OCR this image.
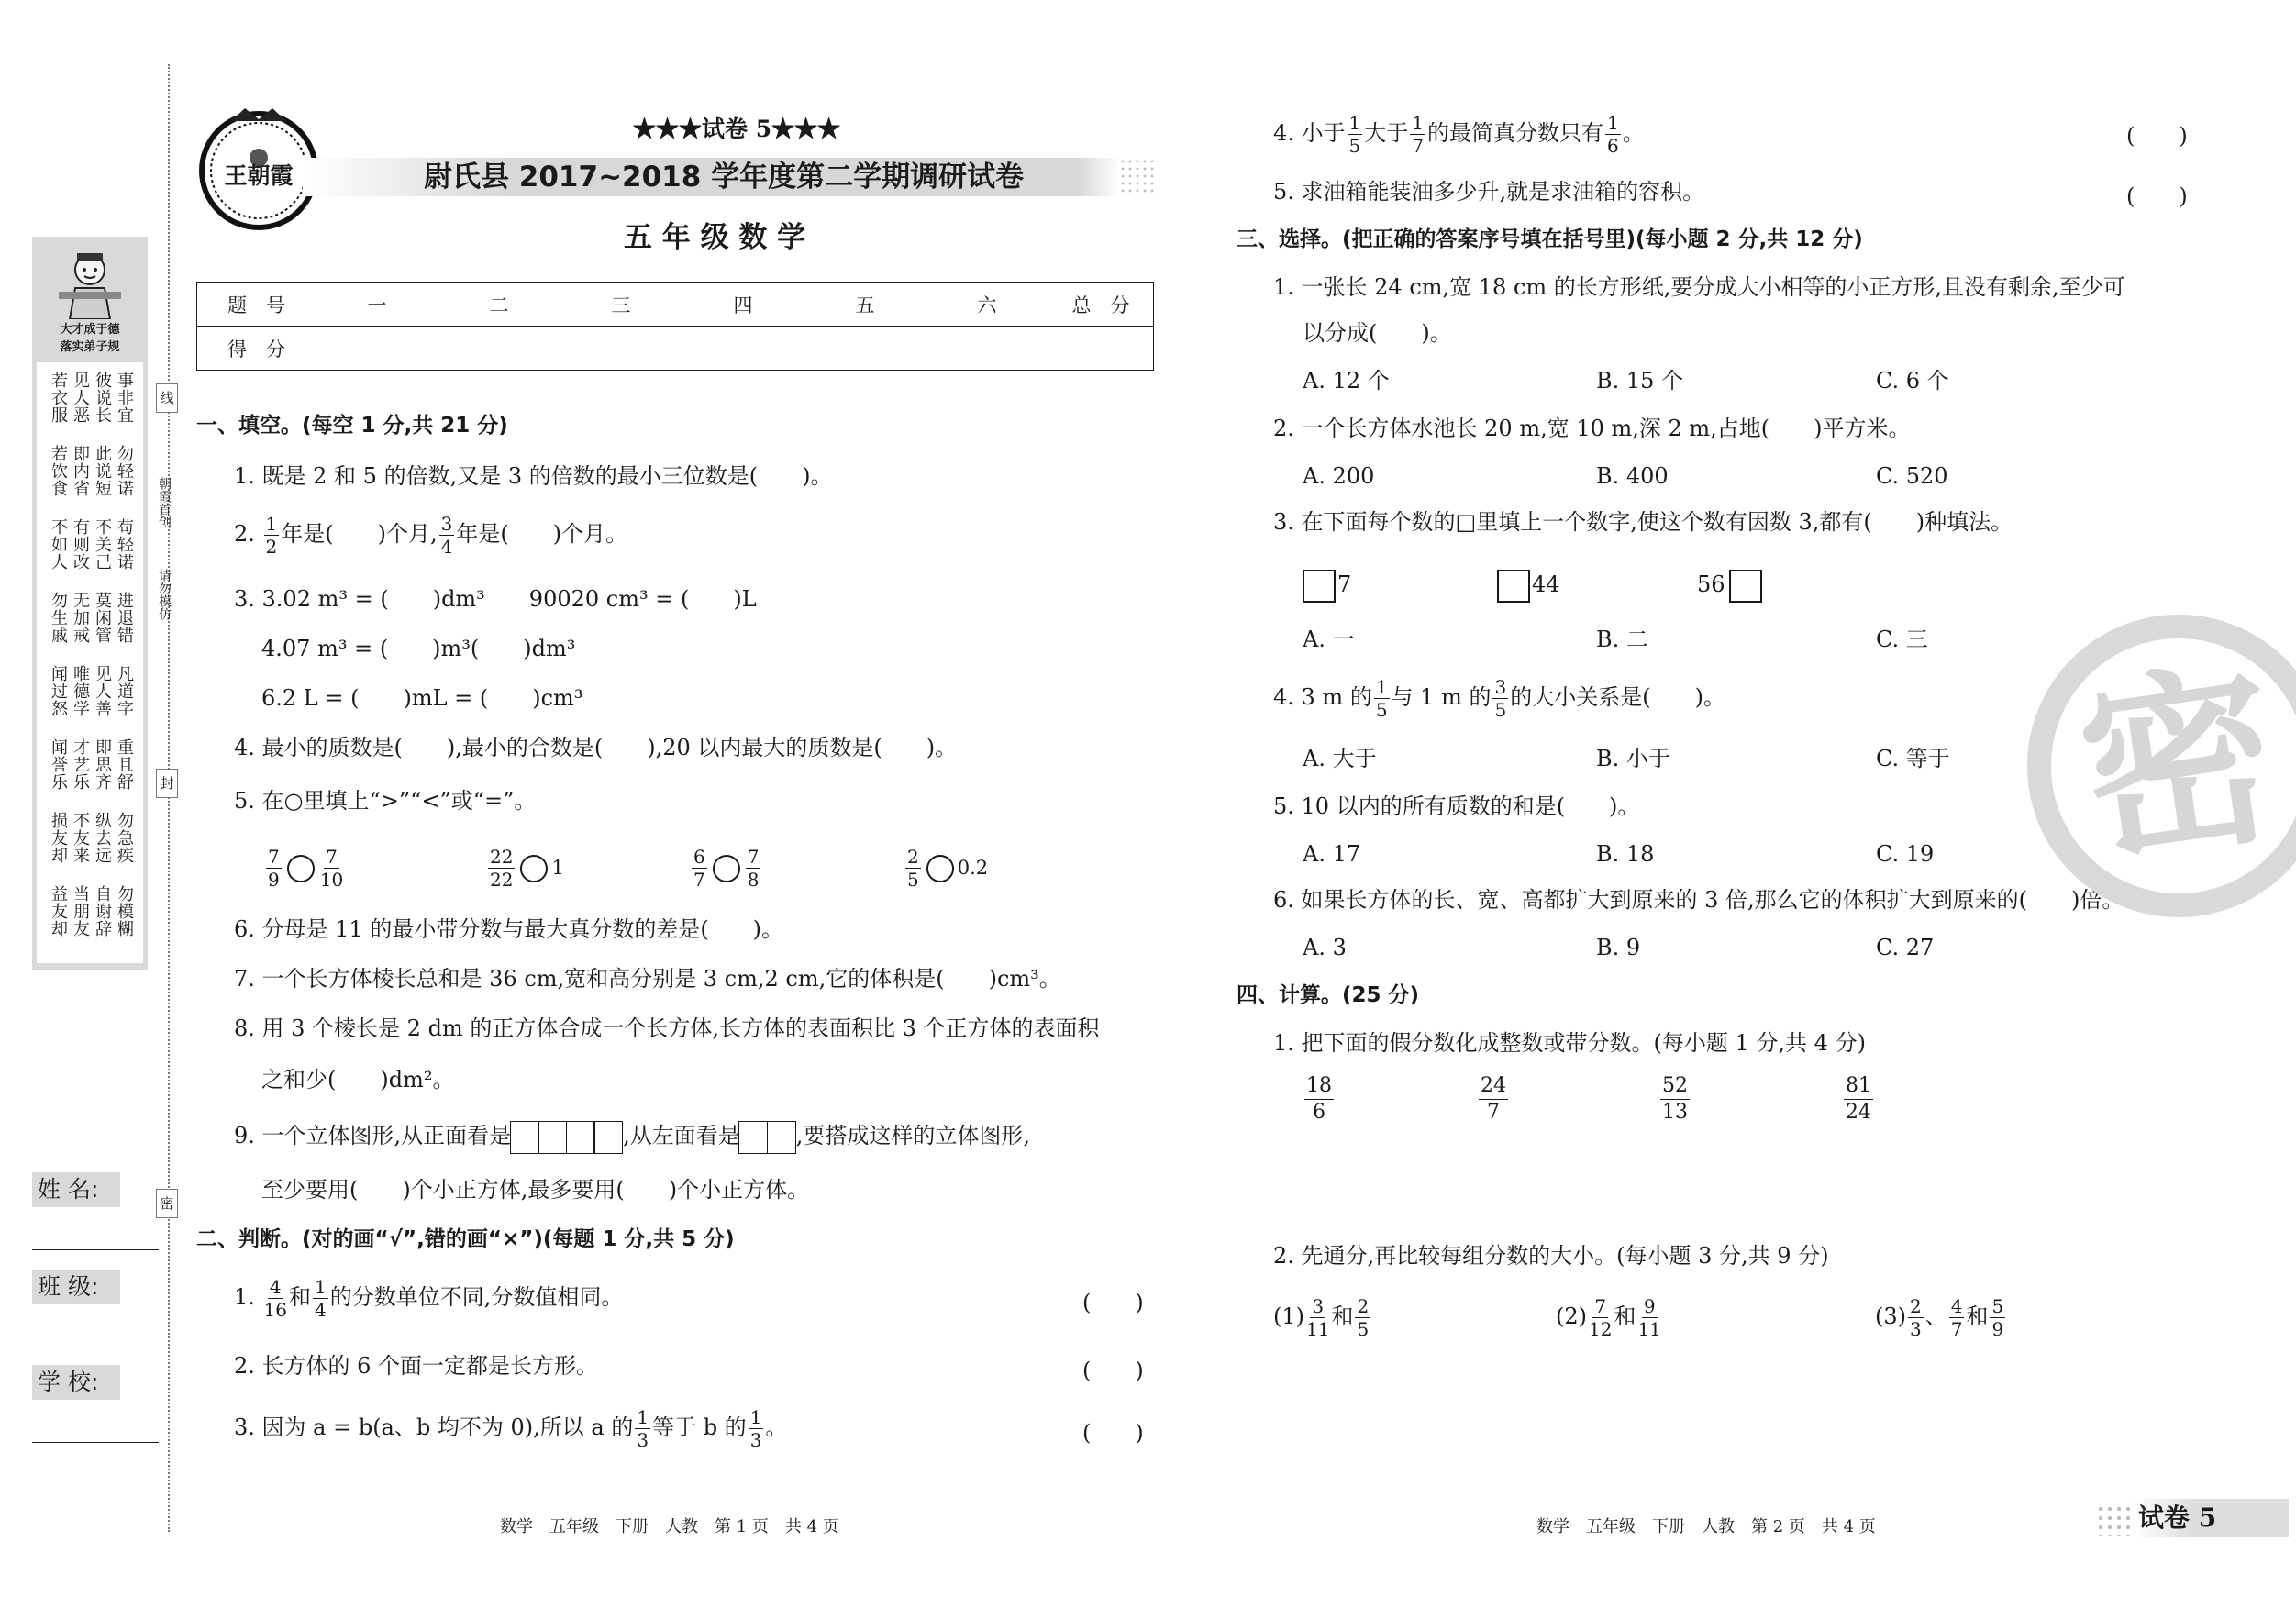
大才成于德
落实弟子规
事非宜
彼说长
见人恶
若衣服
勿轻诺
此说短
即内省
若饮食
苟轻诺
不关己
有则改
不如人
进退错
莫闲管
无加戒
勿生戚
凡道字
见人善
唯德学
闻过怒
重且舒
即思齐
才艺乐
闻誉乐
勿急疾
纵去远
不友来
损友却
勿模糊
自谢辞
当朋友
益友却
线
朝霞首创
请勿模仿
封
密
姓 名:
班 级:
学 校:
王朝霞
★★★试卷 5★★★
尉氏县 2017~2018 学年度第二学期调研试卷
五 年 级 数 学
题　号	一	二	三	四	五	六	总　分
得　分							
一、填空。(每空 1 分,共 21 分)
1. 既是 2 和 5 的倍数,又是 3 的倍数的最小三位数是(　　)。
2. $\frac{1}{2}$ 年是(　　)个月, $\frac{3}{4}$ 年是(　　)个月。
3. 3.02 m³ = (　　)dm³　　90020 cm³ = (　　)L
4.07 m³ = (　　)m³(　　)dm³
6.2 L = (　　)mL = (　　)cm³
4. 最小的质数是(　　),最小的合数是(　　),20 以内最大的质数是(　　)。
5. 在○里填上“>”“<”或“=”。
$\frac{7}{9} \frac{7}{10}$	$\frac{22}{22} 1$	$\frac{6}{7} \frac{7}{8}$	$\frac{2}{5} 0.2$
6. 分母是 11 的最小带分数与最大真分数的差是(　　)。
7. 一个长方体棱长总和是 36 cm,宽和高分别是 3 cm,2 cm,它的体积是(　　)cm³。
8. 用 3 个棱长是 2 dm 的正方体合成一个长方体,长方体的表面积比 3 个正方体的表面积
之和少(　　)dm²。
9. 一个立体图形,从正面看是	,从左面看是	,要搭成这样的立体图形,
至少要用(　　)个小正方体,最多要用(　　)个小正方体。
二、判断。(对的画“√”,错的画“×”)(每题 1 分,共 5 分)
1. $\frac{4}{16}$ 和 $\frac{1}{4}$ 的分数单位不同,分数值相同。	(　　)
2. 长方体的 6 个面一定都是长方形。	(　　)
3. 因为 a = b(a、b 均不为 0),所以 a 的 $\frac{1}{3}$ 等于 b 的 $\frac{1}{3}$ 。	(　　)
数学　五年级　下册　人教　第 1 页　共 4 页
4. 小于 $\frac{1}{5}$ 大于 $\frac{1}{7}$ 的最简真分数只有 $\frac{1}{6}$ 。	(　　)
5. 求油箱能装油多少升,就是求油箱的容积。	(　　)
三、选择。(把正确的答案序号填在括号里)(每小题 2 分,共 12 分)
1. 一张长 24 cm,宽 18 cm 的长方形纸,要分成大小相等的小正方形,且没有剩余,至少可
以分成(　　)。
A. 12 个	B. 15 个	C. 6 个
2. 一个长方体水池长 20 m,宽 10 m,深 2 m,占地(　　)平方米。
A. 200	B. 400	C. 520
3. 在下面每个数的□里填上一个数字,使这个数有因数 3,都有(　　)种填法。
7	44	56
A. 一	B. 二	C. 三
4. 3 m 的 $\frac{1}{5}$ 与 1 m 的 $\frac{3}{5}$ 的大小关系是(　　)。
A. 大于	B. 小于	C. 等于
5. 10 以内的所有质数的和是(　　)。
A. 17	B. 18	C. 19
6. 如果长方体的长、宽、高都扩大到原来的 3 倍,那么它的体积扩大到原来的(　　)倍。
A. 3	B. 9	C. 27
四、计算。(25 分)
1. 把下面的假分数化成整数或带分数。(每小题 1 分,共 4 分)
$\frac{18}{6}$	$\frac{24}{7}$	$\frac{52}{13}$	$\frac{81}{24}$
2. 先通分,再比较每组分数的大小。(每小题 3 分,共 9 分)
$(1) \frac{3}{11}$ 和 $\frac{2}{5}$	$(2) \frac{7}{12}$ 和 $\frac{9}{11}$	$(3) \frac{2}{3}$ 、 $\frac{4}{7}$ 和 $\frac{5}{9}$
密
数学　五年级　下册　人教　第 2 页　共 4 页	试卷 5
